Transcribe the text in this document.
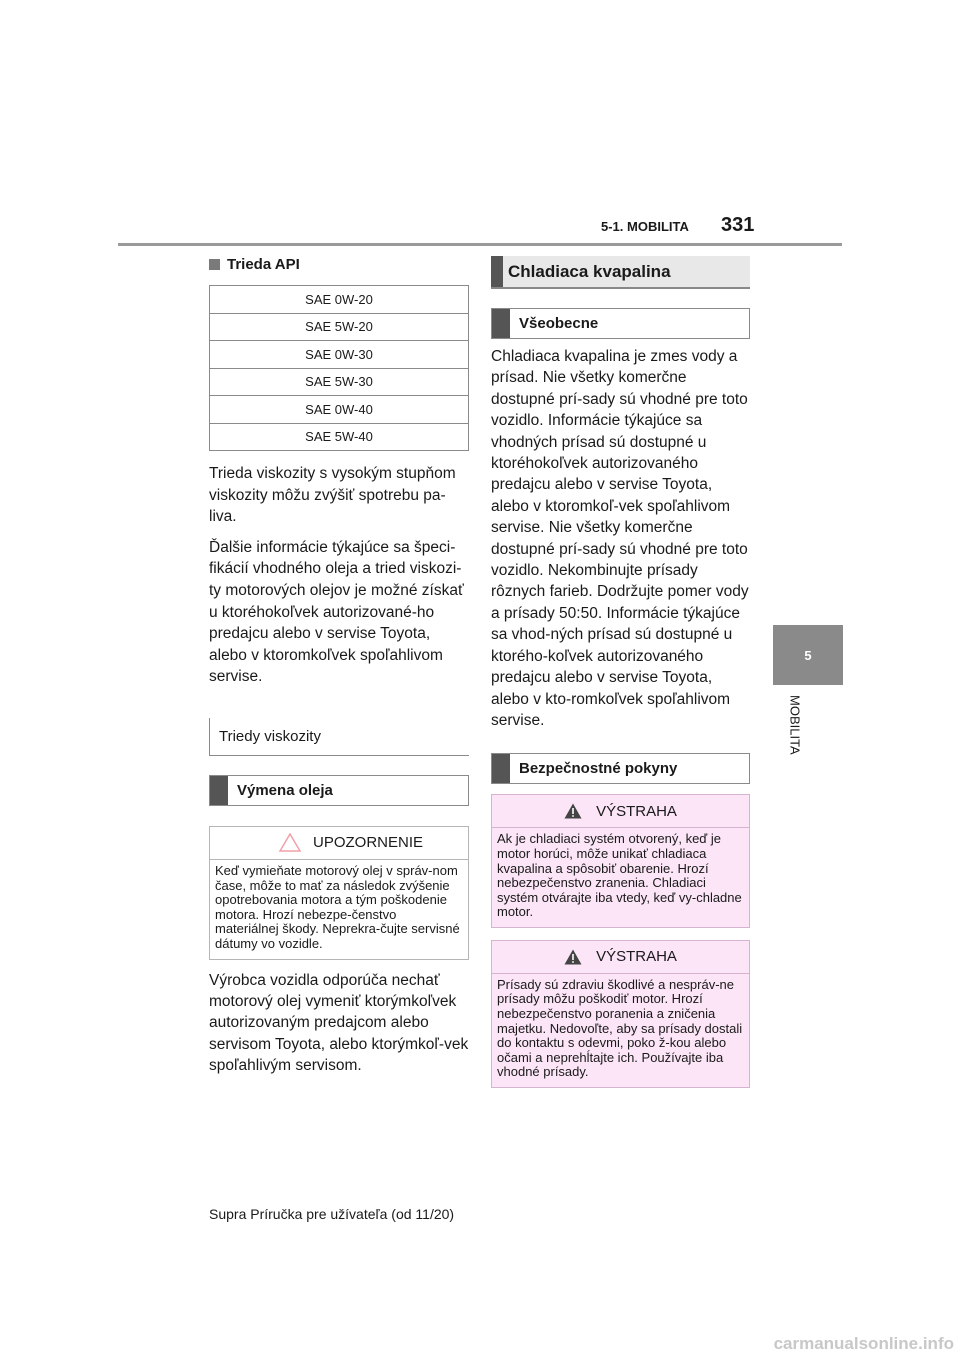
5-1. MOBILITA 331
5
MOBILITA
Trieda API
SAE 0W-20
SAE 5W-20
SAE 0W-30
SAE 5W-30
SAE 0W-40
SAE 5W-40

Trieda viskozity s vysokým stupňom viskozity môžu zvýšiť spotrebu pa-liva.

Ďalšie informácie týkajúce sa špeci-fikácií vhodného oleja a tried viskozi-ty motorových olejov je možné získať u ktoréhokoľvek autorizované-ho predajcu alebo v servise Toyota, alebo v ktoromkoľvek spoľahlivom servise.

Triedy viskozity
Výmena oleja
UPOZORNENIE
Keď vymieňate motorový olej v správ-nom čase, môže to mať za následok zvýšenie opotrebovania motora a tým poškodenie motora. Hrozí nebezpe-čenstvo materiálnej škody. Neprekra-čujte servisné dátumy vo vozidle.

Výrobca vozidla odporúča nechať motorový olej vymeniť ktorýmkoľvek autorizovaným predajcom alebo servisom Toyota, alebo ktorýmkoľ-vek spoľahlivým servisom.

Chladiaca kvapalina
Všeobecne

Chladiaca kvapalina je zmes vody a prísad. Nie všetky komerčne dostupné prí-sady sú vhodné pre toto vozidlo. Informácie týkajúce sa vhodných prísad sú dostupné u ktoréhokoľvek autorizovaného predajcu alebo v servise Toyota, alebo v ktoromkoľ-vek spoľahlivom servise. Nie všetky komerčne dostupné prí-sady sú vhodné pre toto vozidlo. Nekombinujte prísady rôznych farieb. Dodržujte pomer vody a prísady 50:50. Informácie týkajúce sa vhod-ných prísad sú dostupné u ktorého-koľvek autorizovaného predajcu alebo v servise Toyota, alebo v kto-romkoľvek spoľahlivom servise.

Bezpečnostné pokyny
VÝSTRAHA
Ak je chladiaci systém otvorený, keď je motor horúci, môže unikať chladiaca kvapalina a spôsobiť obarenie. Hrozí nebezpečenstvo zranenia. Chladiaci systém otvárajte iba vtedy, keď vy-chladne motor.
VÝSTRAHA
Prísady sú zdraviu škodlivé a nespráv-ne prísady môžu poškodiť motor. Hrozí nebezpečenstvo poranenia a zničenia majetku. Nedovoľte, aby sa prísady dostali do kontaktu s odevmi, poko ž-kou alebo očami a neprehĺtajte ich. Používajte iba vhodné prísady.
Supra Príručka pre užívateľa (od 11/20)
carmanualsonline.info
